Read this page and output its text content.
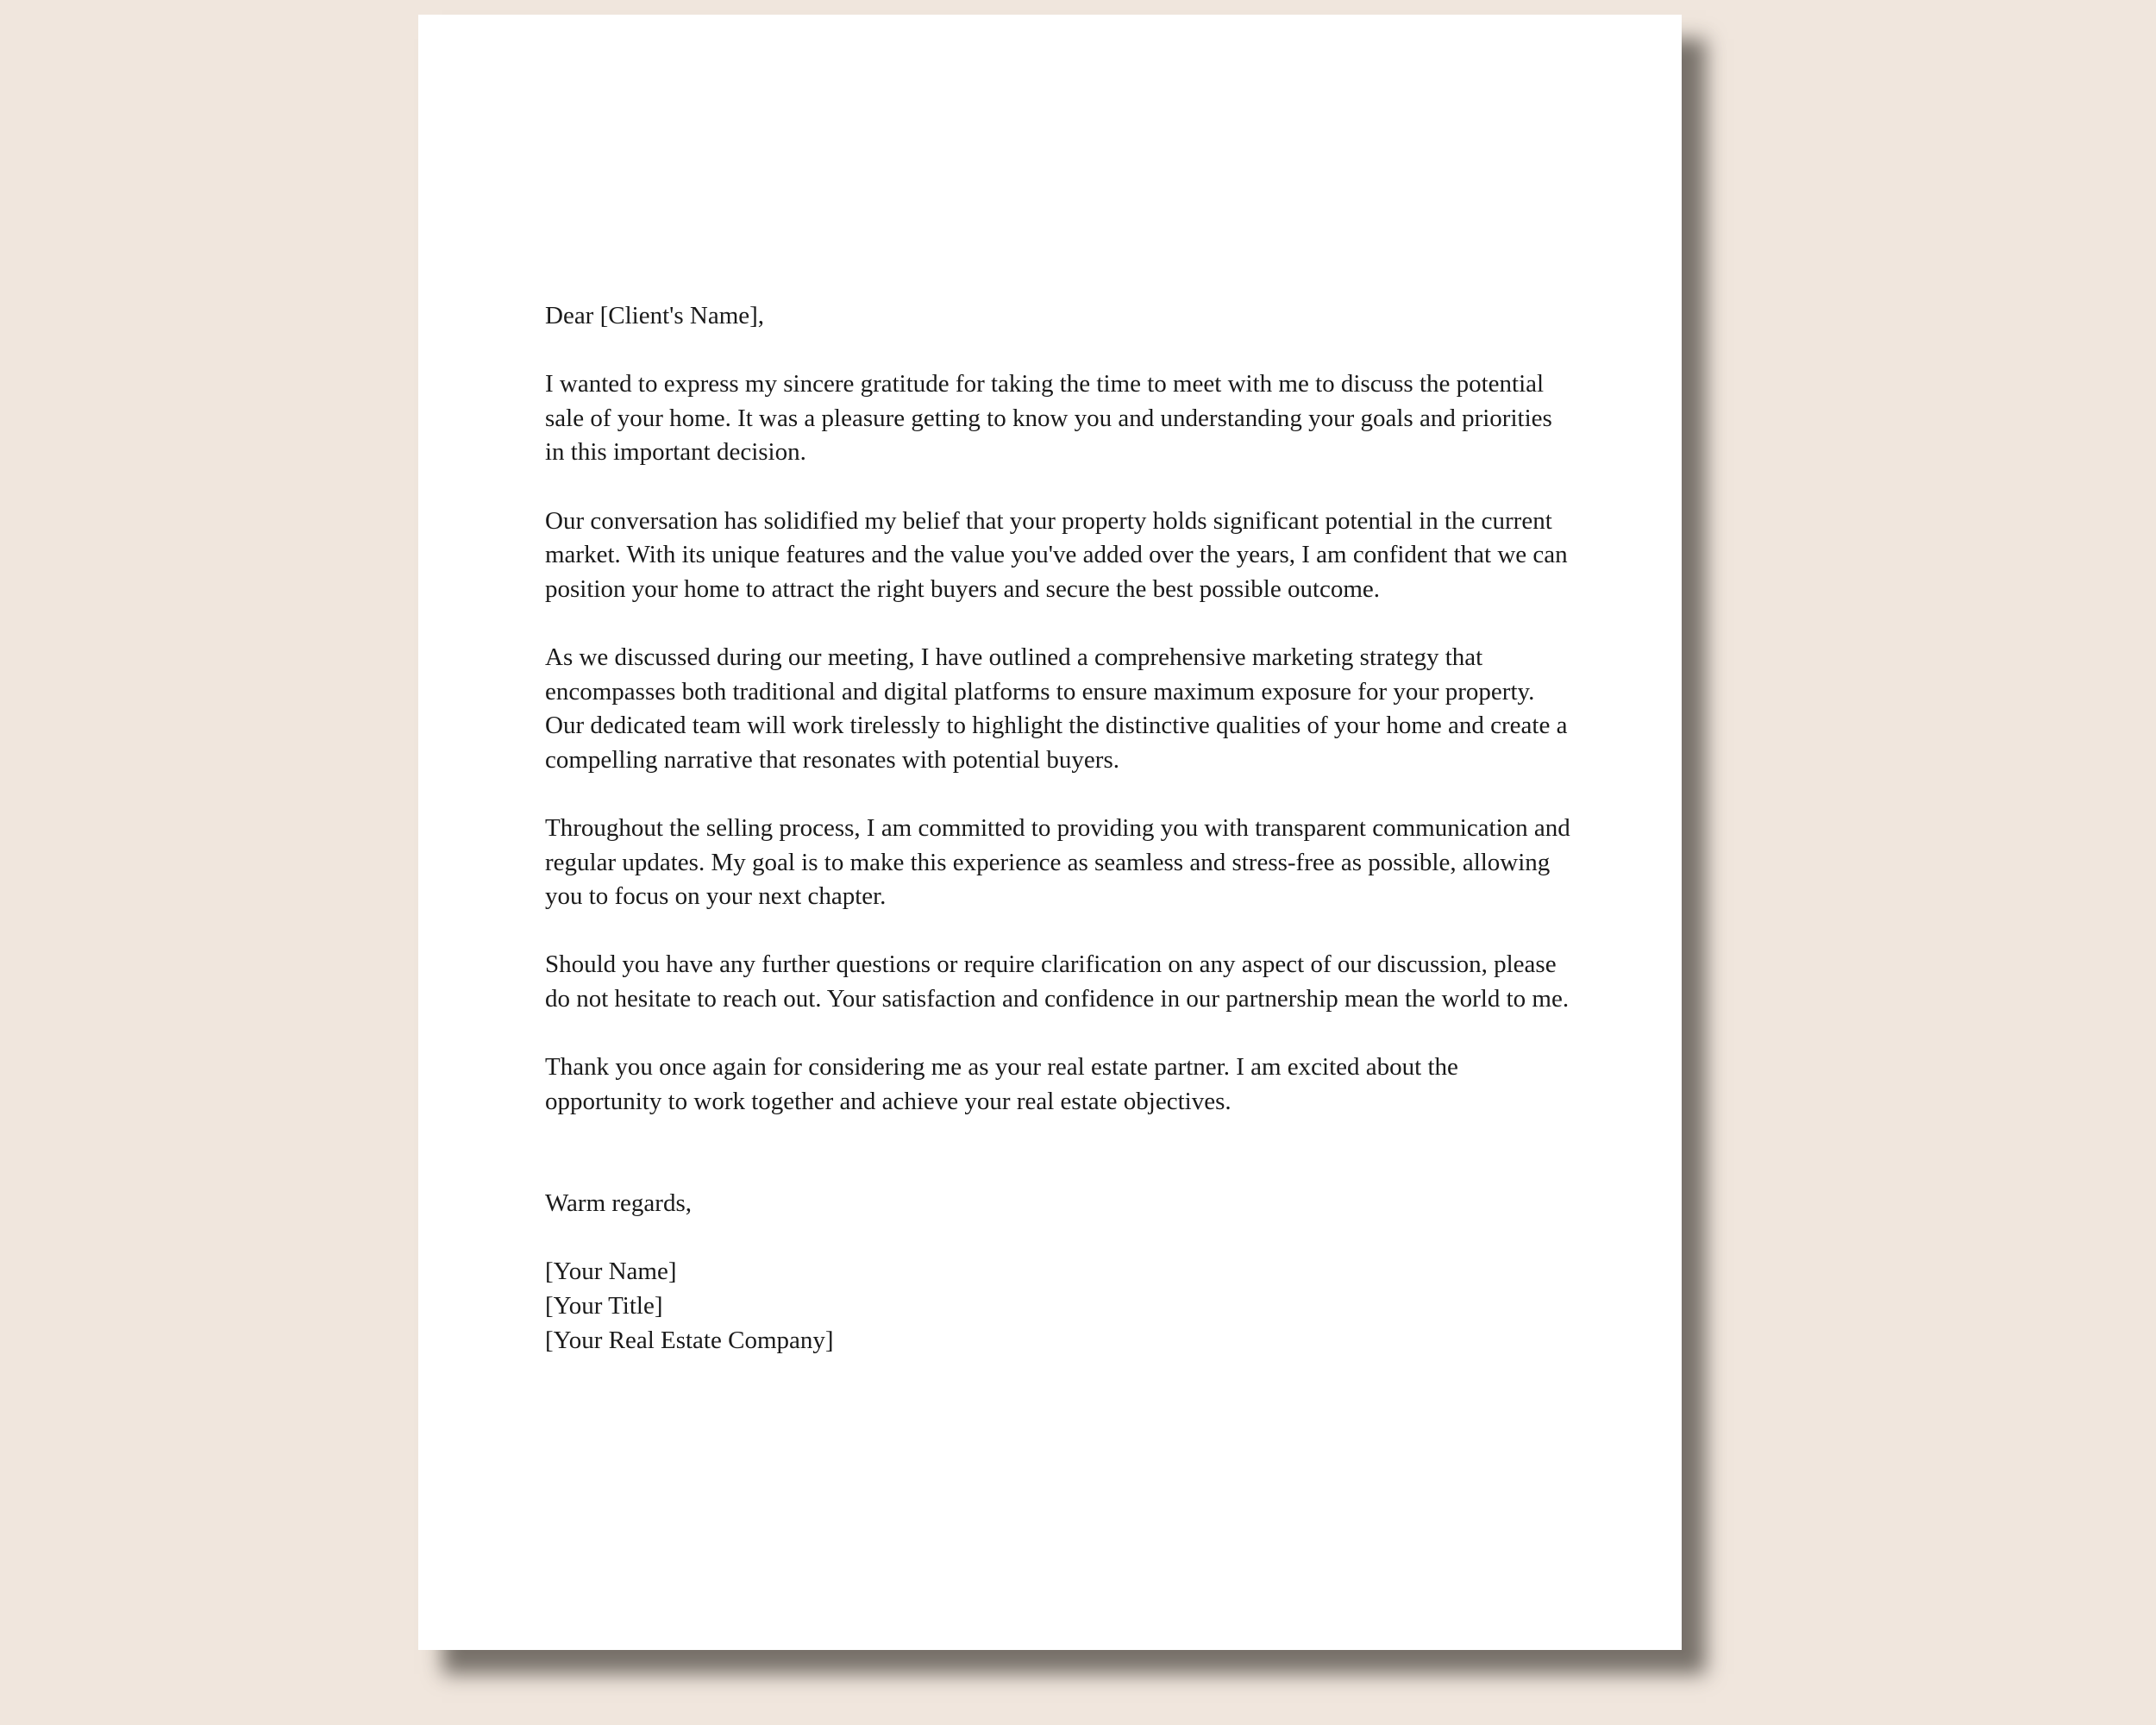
Dear [Client's Name],

I wanted to express my sincere gratitude for taking the time to meet with me to discuss the potential sale of your home. It was a pleasure getting to know you and understanding your goals and priorities in this important decision.

Our conversation has solidified my belief that your property holds significant potential in the current market. With its unique features and the value you've added over the years, I am confident that we can position your home to attract the right buyers and secure the best possible outcome.

As we discussed during our meeting, I have outlined a comprehensive marketing strategy that encompasses both traditional and digital platforms to ensure maximum exposure for your property. Our dedicated team will work tirelessly to highlight the distinctive qualities of your home and create a compelling narrative that resonates with potential buyers.

Throughout the selling process, I am committed to providing you with transparent communication and regular updates. My goal is to make this experience as seamless and stress-free as possible, allowing you to focus on your next chapter.

Should you have any further questions or require clarification on any aspect of our discussion, please do not hesitate to reach out. Your satisfaction and confidence in our partnership mean the world to me.

Thank you once again for considering me as your real estate partner. I am excited about the opportunity to work together and achieve your real estate objectives.

Warm regards,
[Your Name]
[Your Title]
[Your Real Estate Company]
